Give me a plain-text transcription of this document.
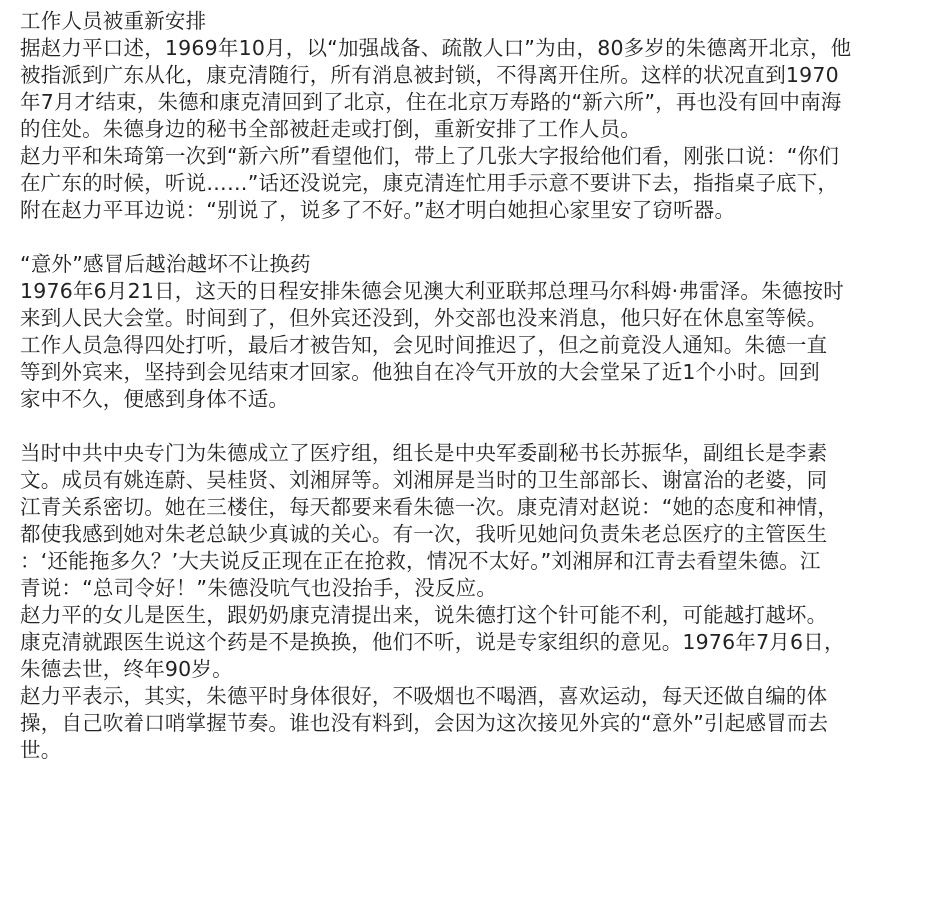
工作人员被重新安排
据赵力平口述，1969年10月，以“加强战备、疏散人口”为由，80多岁的朱德离开北京，他
被指派到广东从化，康克清随行，所有消息被封锁，不得离开住所。这样的状况直到1970
年7月才结束，朱德和康克清回到了北京，住在北京万寿路的“新六所”，再也没有回中南海
的住处。朱德身边的秘书全部被赶走或打倒，重新安排了工作人员。
赵力平和朱琦第一次到“新六所”看望他们，带上了几张大字报给他们看，刚张口说：“你们
在广东的时候，听说……”话还没说完，康克清连忙用手示意不要讲下去，指指桌子底下，
附在赵力平耳边说：“别说了，说多了不好。”赵才明白她担心家里安了窃听器。
“意外”感冒后越治越坏不让换药
1976年6月21日，这天的日程安排朱德会见澳大利亚联邦总理马尔科姆·弗雷泽。朱德按时
来到人民大会堂。时间到了，但外宾还没到，外交部也没来消息，他只好在休息室等候。
工作人员急得四处打听，最后才被告知，会见时间推迟了，但之前竟没人通知。朱德一直
等到外宾来，坚持到会见结束才回家。他独自在冷气开放的大会堂呆了近1个小时。回到
家中不久，便感到身体不适。
当时中共中央专门为朱德成立了医疗组，组长是中央军委副秘书长苏振华，副组长是李素
文。成员有姚连蔚、吴桂贤、刘湘屏等。刘湘屏是当时的卫生部部长、谢富治的老婆，同
江青关系密切。她在三楼住，每天都要来看朱德一次。康克清对赵说：“她的态度和神情，
都使我感到她对朱老总缺少真诚的关心。有一次，我听见她问负责朱老总医疗的主管医生
：‘还能拖多久？’大夫说反正现在正在抢救，情况不太好。”刘湘屏和江青去看望朱德。江
青说：“总司令好！”朱德没吭气也没抬手，没反应。
赵力平的女儿是医生，跟奶奶康克清提出来，说朱德打这个针可能不利，可能越打越坏。
康克清就跟医生说这个药是不是换换，他们不听，说是专家组织的意见。1976年7月6日，
朱德去世，终年90岁。
赵力平表示，其实，朱德平时身体很好，不吸烟也不喝酒，喜欢运动，每天还做自编的体
操，自己吹着口哨掌握节奏。谁也没有料到，会因为这次接见外宾的“意外”引起感冒而去
世。
